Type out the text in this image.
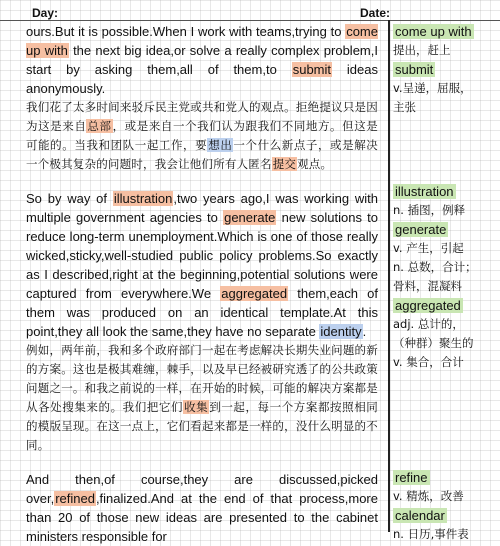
Day:	Date:

ours.But it is possible.When I work with teams,trying to come up with the next big idea,or solve a really complex problem,I start by asking them,all of them,to submit ideas anonymously.

我们花了太多时间来驳斥民主党或共和党人的观点。拒绝提议只是因为这是来自总部，或是来自一个我们认为跟我们不同地方。但这是可能的。当我和团队一起工作，要想出一个什么新点子，或是解决一个极其复杂的问题时，我会让他们所有人匿名提交观点。

So by way of illustration,two years ago,I was working with multiple government agencies to generate new solutions to reduce long-term unemployment.Which is one of those really wicked,sticky,well-studied public policy problems.So exactly as I described,right at the beginning,potential solutions were captured from everywhere.We aggregated them,each of them was produced on an identical template.At this point,they all look the same,they have no separate identity.

例如，两年前，我和多个政府部门一起在考虑解决长期失业问题的新的方案。这也是极其难缠，棘手，以及早已经被研究透了的公共政策问题之一。和我之前说的一样，在开始的时候，可能的解决方案都是从各处搜集来的。我们把它们收集到一起，每一个方案都按照相同的模版呈现。在这一点上，它们看起来都是一样的，没什么明显的不同。

And then,of course,they are discussed,picked over,refined,finalized.And at the end of that process,more than 20 of those new ideas are presented to the cabinet ministers responsible for

come up with
提出，赶上
submit
v.呈递，屈服，
主张
illustration
n. 插图，例释
generate
v. 产生，引起
n. 总数，合计；
骨料，混凝料
aggregated
adj. 总计的，
（种群）聚生的
v. 集合，合计
refine
v. 精炼，改善
calendar
n. 日历,事件表
